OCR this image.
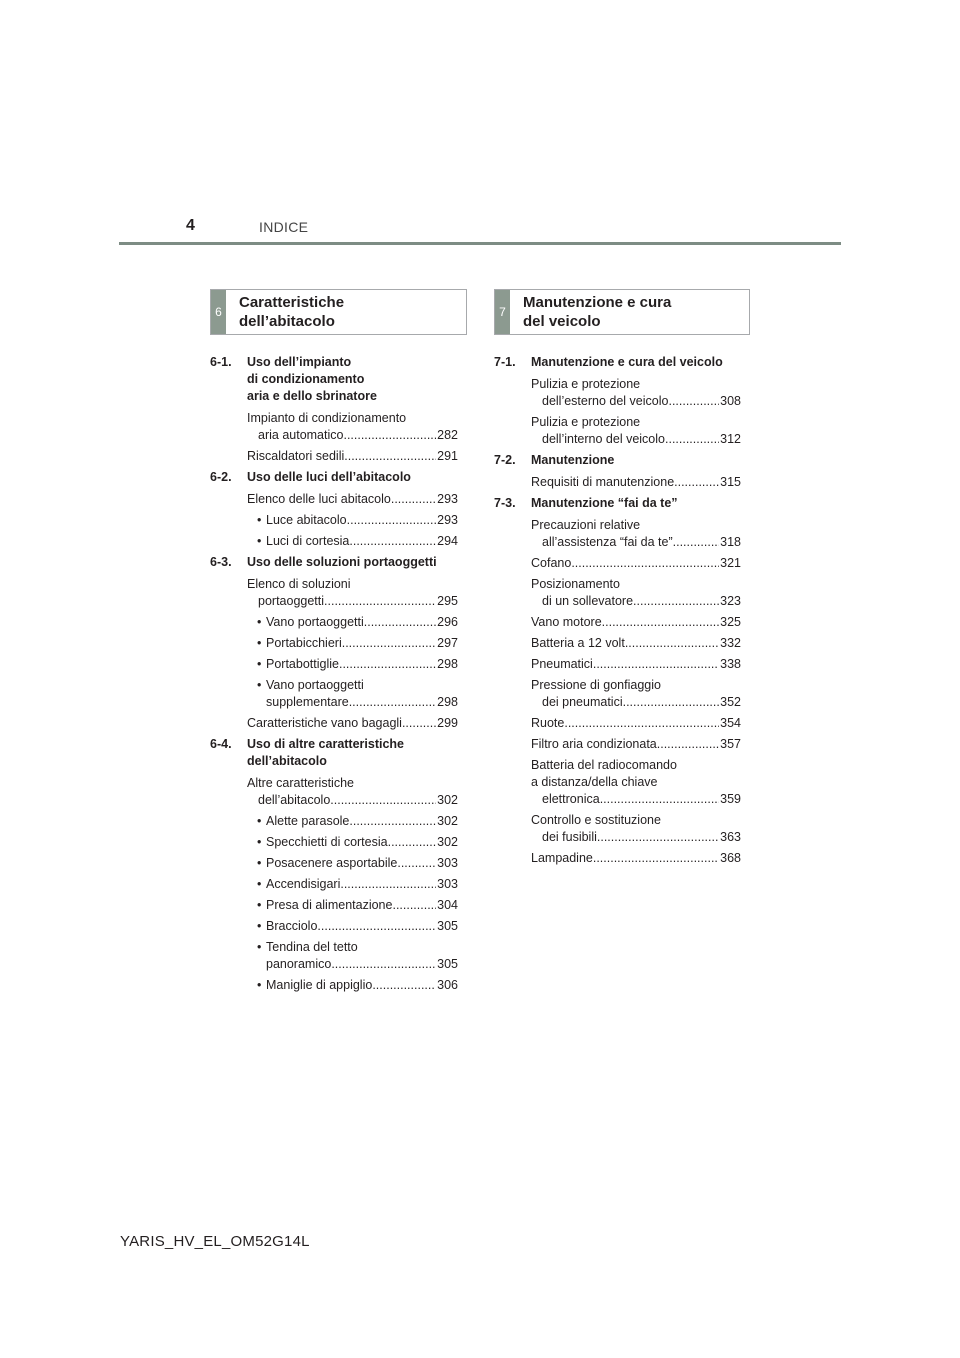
4	INDICE
6
Caratteristiche
dell’abitacolo
7
Manutenzione e cura
del veicolo
6-1.	Uso dell’impianto
di condizionamento
aria e dello sbrinatore
Impianto di condizionamento
aria automatico .....	282
Riscaldatori sedili .....	291
6-2.	Uso delle luci dell’abitacolo
Elenco delle luci abitacolo .....	293
• Luce abitacolo .....	293
• Luci di cortesia .....	294
6-3.	Uso delle soluzioni portaoggetti
Elenco di soluzioni
portaoggetti .....	295
• Vano portaoggetti .....	296
• Portabicchieri .....	297
• Portabottiglie .....	298
• Vano portaoggetti
supplementare .....	298
Caratteristiche vano bagagli .....	299
6-4.	Uso di altre caratteristiche
dell’abitacolo
Altre caratteristiche
dell’abitacolo .....	302
• Alette parasole .....	302
• Specchietti di cortesia .....	302
• Posacenere asportabile .....	303
• Accendisigari .....	303
• Presa di alimentazione .....	304
• Bracciolo .....	305
• Tendina del tetto
panoramico .....	305
• Maniglie di appiglio .....	306
7-1.	Manutenzione e cura del veicolo
Pulizia e protezione
dell’esterno del veicolo .....	308
Pulizia e protezione
dell’interno del veicolo .....	312
7-2.	Manutenzione
Requisiti di manutenzione .....	315
7-3.	Manutenzione “fai da te”
Precauzioni relative
all’assistenza “fai da te” .....	318
Cofano .....	321
Posizionamento
di un sollevatore .....	323
Vano motore .....	325
Batteria a 12 volt .....	332
Pneumatici .....	338
Pressione di gonfiaggio
dei pneumatici .....	352
Ruote .....	354
Filtro aria condizionata .....	357
Batteria del radiocomando
a distanza/della chiave
elettronica .....	359
Controllo e sostituzione
dei fusibili .....	363
Lampadine .....	368
YARIS_HV_EL_OM52G14L
